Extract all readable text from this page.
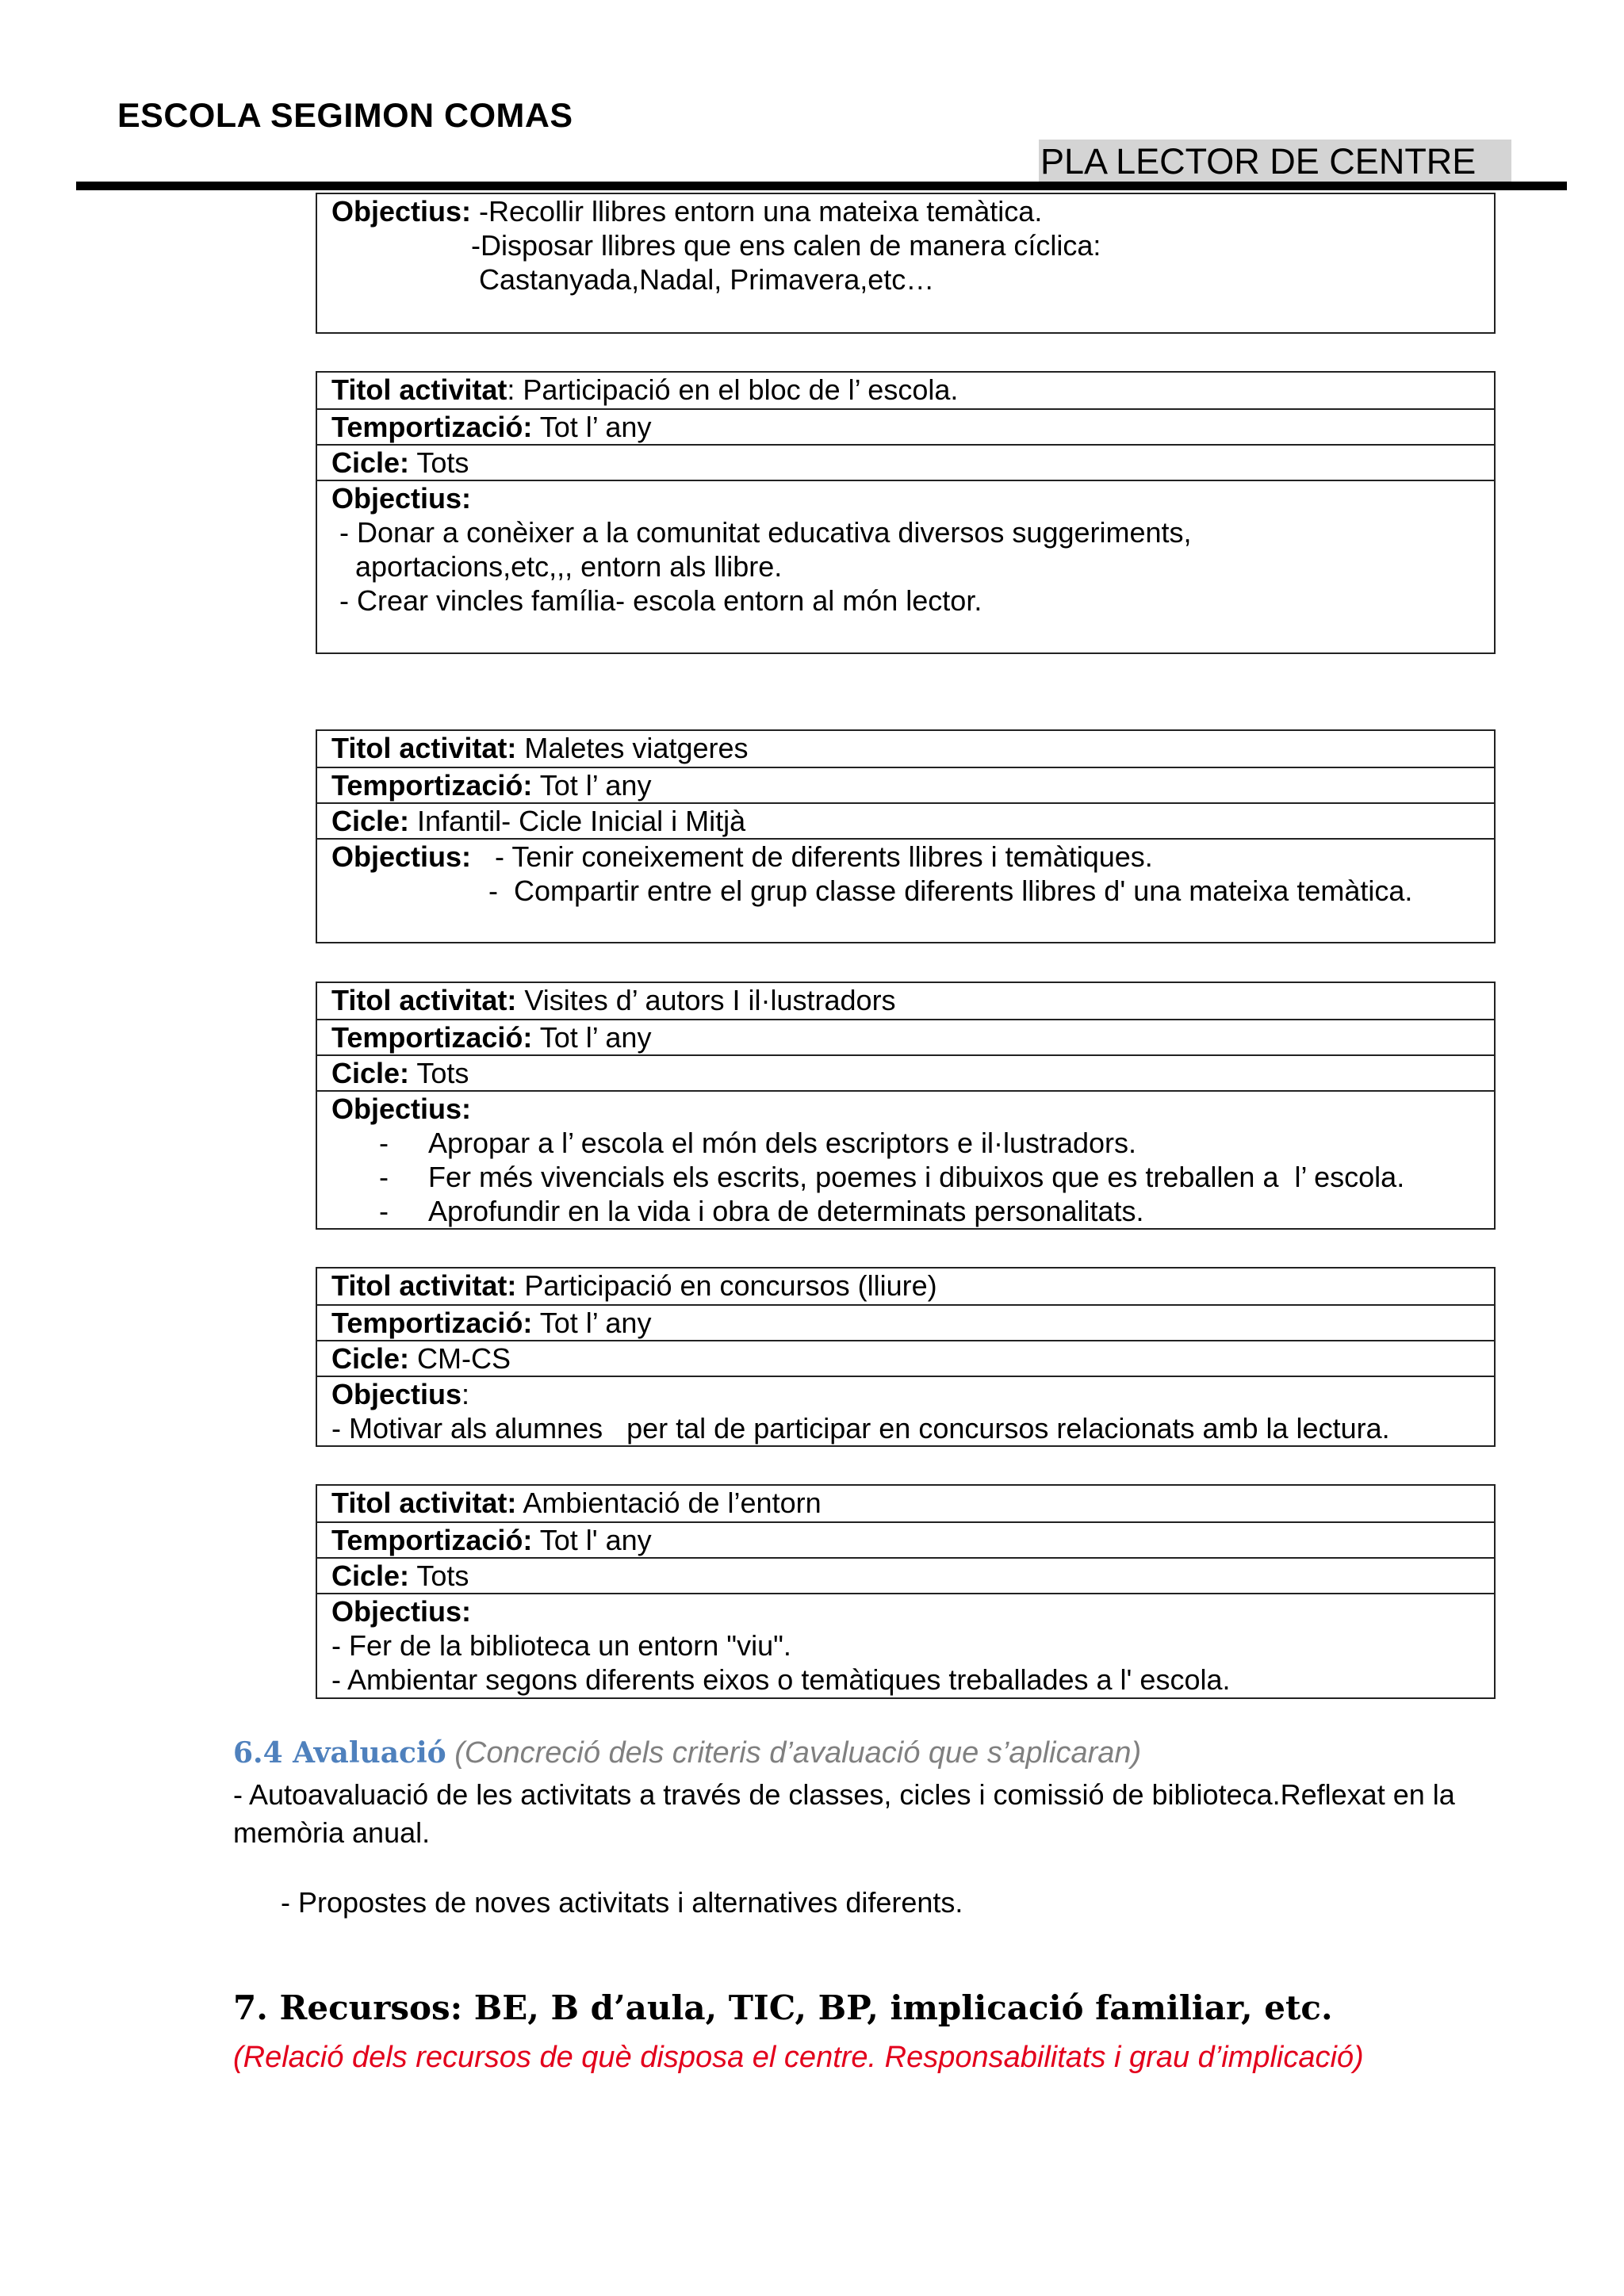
ESCOLA SEGIMON COMAS
PLA LECTOR DE CENTRE
Objectius: -Recollir llibres entorn una mateixa temàtica.
-Disposar llibres que ens calen de manera cíclica:
Castanyada,Nadal, Primavera,etc…
Titol activitat: Participació en el bloc de l’ escola.
Temportizació: Tot l’ any
Cicle: Tots
Objectius:
- Donar a conèixer a la comunitat educativa diversos suggeriments,
aportacions,etc,,, entorn als llibre.
- Crear vincles família- escola entorn al món lector.
Titol activitat: Maletes viatgeres
Temportizació: Tot l’ any
Cicle: Infantil- Cicle Inicial i Mitjà
Objectius:   - Tenir coneixement de diferents llibres i temàtiques.
-  Compartir entre el grup classe diferents llibres d' una mateixa temàtica.
Titol activitat: Visites d’ autors I il·lustradors
Temportizació: Tot l’ any
Cicle: Tots
Objectius:
- Apropar a l’ escola el món dels escriptors e il·lustradors.
- Fer més vivencials els escrits, poemes i dibuixos que es treballen a  l’ escola.
- Aprofundir en la vida i obra de determinats personalitats.
Titol activitat: Participació en concursos (lliure)
Temportizació: Tot l’ any
Cicle: CM-CS
Objectius:
- Motivar als alumnes   per tal de participar en concursos relacionats amb la lectura.
Titol activitat: Ambientació de l’entorn
Temportizació: Tot l' any
Cicle: Tots
Objectius:
- Fer de la biblioteca un entorn "viu".
- Ambientar segons diferents eixos o temàtiques treballades a l' escola.
6.4 Avaluació (Concreció dels criteris d’avaluació que s’aplicaran)
- Autoavaluació de les activitats a través de classes, cicles i comissió de biblioteca.Reflexat en la memòria anual.
- Propostes de noves activitats i alternatives diferents.
7. Recursos: BE, B d’aula, TIC, BP, implicació familiar, etc.
(Relació dels recursos de què disposa el centre. Responsabilitats i grau d’implicació)
